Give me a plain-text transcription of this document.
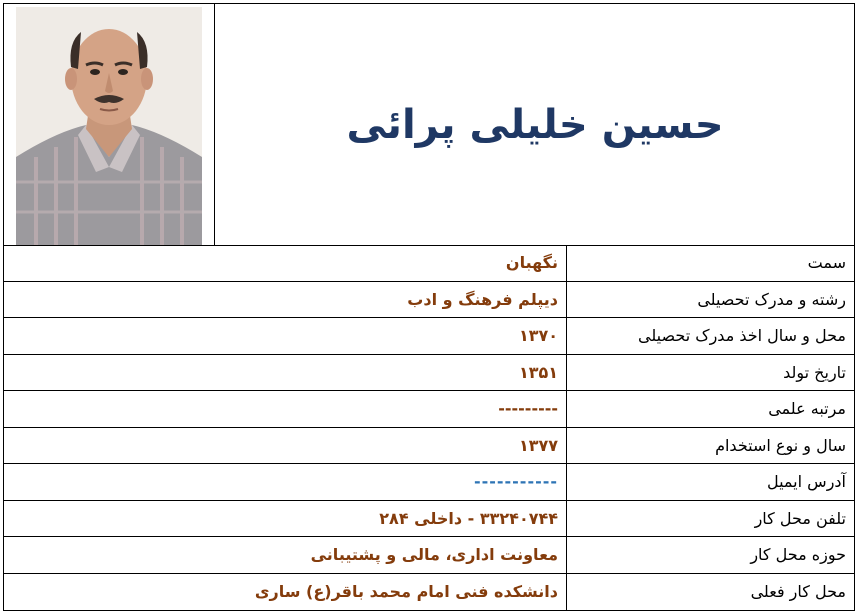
حسین خلیلی پرائی
سمت
نگهبان
رشته و مدرک تحصیلی
دیپلم فرهنگ و ادب
محل و سال اخذ مدرک تحصیلی
۱۳۷۰
تاریخ تولد
۱۳۵۱
مرتبه علمی
---------
سال و نوع استخدام
۱۳۷۷
آدرس ایمیل
-----------
تلفن محل کار
۳۳۲۴۰۷۴۴ - داخلی ۲۸۴
حوزه محل کار
معاونت اداری، مالی و پشتیبانی
محل کار فعلی
دانشکده فنی امام محمد باقر(ع) ساری
